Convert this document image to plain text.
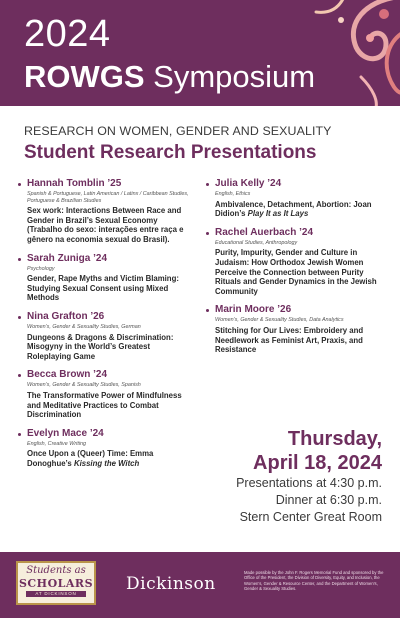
2024
ROWGS Symposium
RESEARCH ON WOMEN, GENDER AND SEXUALITY
Student Research Presentations
Hannah Tomblin ’25
Spanish & Portuguese, Latin American / Latinx / Caribbean Studies, Portuguese & Brazilian Studies
Sex work: Interactions Between Race and Gender in Brazil’s Sexual Economy (Trabalho do sexo: interações entre raça e gênero na economia sexual do Brasil).
Sarah Zuniga ’24
Psychology
Gender, Rape Myths and Victim Blaming: Studying Sexual Consent using Mixed Methods
Nina Grafton ’26
Women’s, Gender & Sexuality Studies, German
Dungeons & Dragons & Discrimination: Misogyny in the World’s Greatest Roleplaying Game
Becca Brown ’24
Women’s, Gender & Sexuality Studies, Spanish
The Transformative Power of Mindfulness and Meditative Practices to Combat Discrimination
Evelyn Mace ’24
English, Creative Writing
Once Upon a (Queer) Time: Emma Donoghue’s Kissing the Witch
Julia Kelly ’24
English, Ethics
Ambivalence, Detachment, Abortion: Joan Didion’s Play It as It Lays
Rachel Auerbach ’24
Educational Studies, Anthropology
Purity, Impurity, Gender and Culture in Judaism: How Orthodox Jewish Women Perceive the Connection between Purity Rituals and Gender Dynamics in the Jewish Community
Marin Moore ’26
Women’s, Gender & Sexuality Studies, Data Analytics
Stitching for Our Lives: Embroidery and Needlework as Feminist Art, Praxis, and Resistance
Thursday,
April 18, 2024
Presentations at 4:30 p.m.
Dinner at 6:30 p.m.
Stern Center Great Room
Students as
SCHOLARS
AT DICKINSON	Dickinson
Made possible by the John F. Rogers Memorial Fund and sponsored by the Office of the President, the Division of Diversity, Equity, and Inclusion, the Women’s, Gender & Resource Center, and the Department of Women’s, Gender & Sexuality Studies.
